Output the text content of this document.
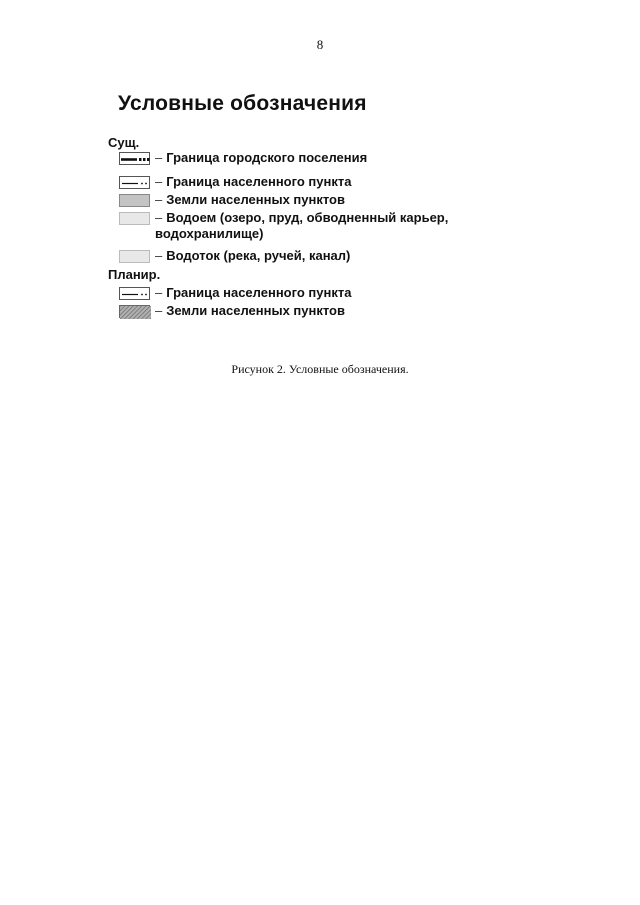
8
Условные обозначения
Сущ.
– Граница городского поселения
– Граница населенного пункта
– Земли населенных пунктов
– Водоем (озеро, пруд, обводненный карьер,
водохранилище)
– Водоток (река, ручей, канал)
Планир.
– Граница населенного пункта
– Земли населенных пунктов
Рисунок 2. Условные обозначения.
